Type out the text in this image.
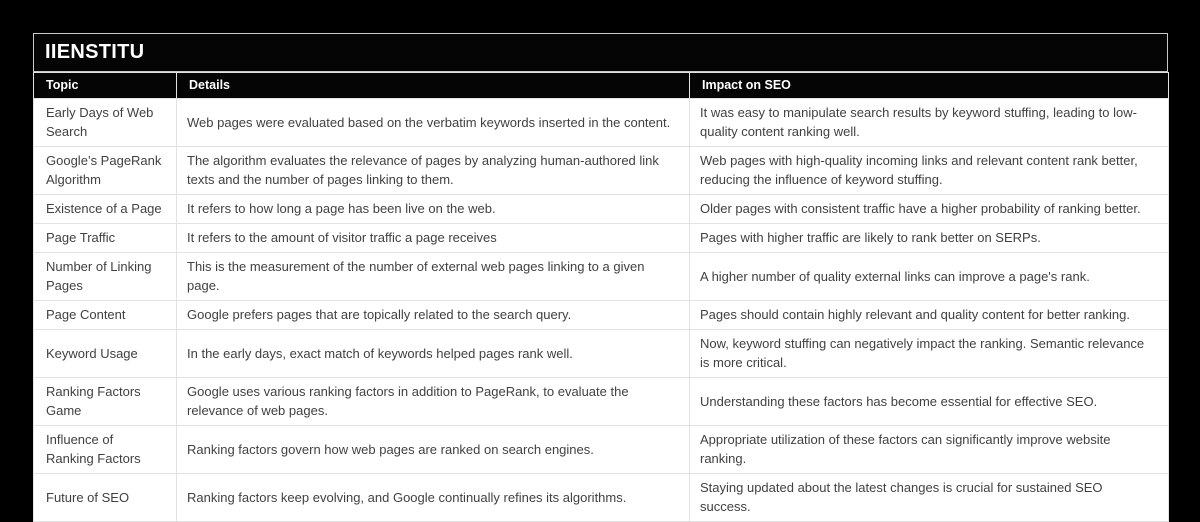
IIENSTITU
Topic	Details	Impact on SEO
Early Days of Web Search	Web pages were evaluated based on the verbatim keywords inserted in the content.	It was easy to manipulate search results by keyword stuffing, leading to low-quality content ranking well.
Google’s PageRank Algorithm	The algorithm evaluates the relevance of pages by analyzing human-authored link texts and the number of pages linking to them.	Web pages with high-quality incoming links and relevant content rank better, reducing the influence of keyword stuffing.
Existence of a Page	It refers to how long a page has been live on the web.	Older pages with consistent traffic have a higher probability of ranking better.
Page Traffic	It refers to the amount of visitor traffic a page receives	Pages with higher traffic are likely to rank better on SERPs.
Number of Linking Pages	This is the measurement of the number of external web pages linking to a given page.	A higher number of quality external links can improve a page's rank.
Page Content	Google prefers pages that are topically related to the search query.	Pages should contain highly relevant and quality content for better ranking.
Keyword Usage	In the early days, exact match of keywords helped pages rank well.	Now, keyword stuffing can negatively impact the ranking. Semantic relevance is more critical.
Ranking Factors Game	Google uses various ranking factors in addition to PageRank, to evaluate the relevance of web pages.	Understanding these factors has become essential for effective SEO.
Influence of Ranking Factors	Ranking factors govern how web pages are ranked on search engines.	Appropriate utilization of these factors can significantly improve website ranking.
Future of SEO	Ranking factors keep evolving, and Google continually refines its algorithms.	Staying updated about the latest changes is crucial for sustained SEO success.
